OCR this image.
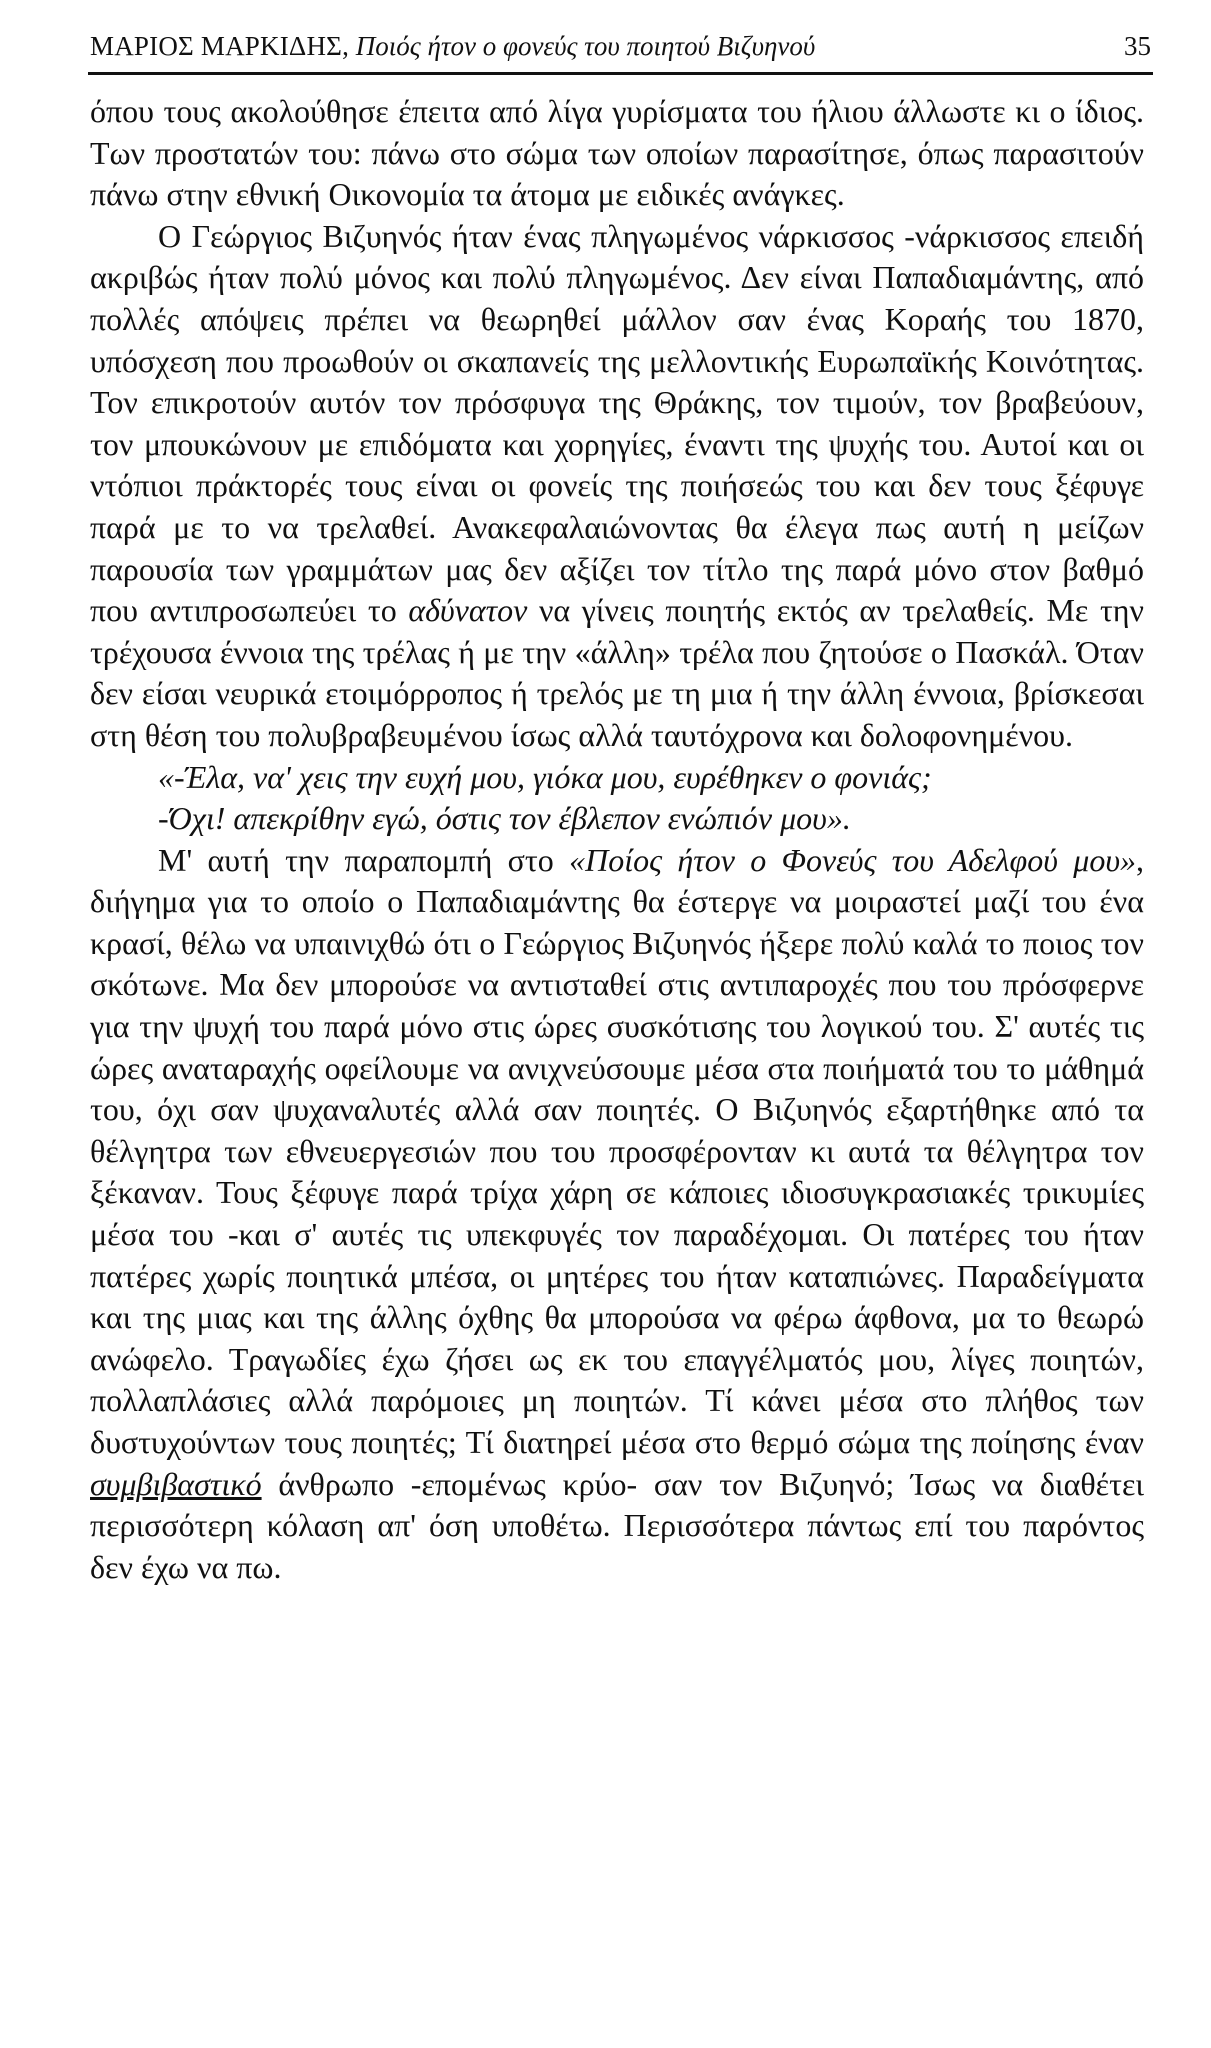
ΜΑΡΙΟΣ ΜΑΡΚΙΔΗΣ, Ποιός ήτον ο φονεύς του ποιητού Βιζυηνού	35

όπου τους ακολούθησε έπειτα από λίγα γυρίσματα του ήλιου άλλωστε κι ο ίδιος. Των προστατών του: πάνω στο σώμα των οποίων παρασίτησε, όπως παρασιτούν πάνω στην εθνική Οικονομία τα άτομα με ειδικές ανάγκες.

Ο Γεώργιος Βιζυηνός ήταν ένας πληγωμένος νάρκισσος -νάρκισσος επειδή ακριβώς ήταν πολύ μόνος και πολύ πληγωμένος. Δεν είναι Παπαδιαμάντης, από πολλές απόψεις πρέπει να θεωρηθεί μάλλον σαν ένας Κοραής του 1870, υπόσχεση που προωθούν οι σκαπανείς της μελλοντικής Ευρωπαϊκής Κοινότητας. Τον επικροτούν αυτόν τον πρόσφυγα της Θράκης, τον τιμούν, τον βραβεύουν, τον μπουκώνουν με επιδόματα και χορηγίες, έναντι της ψυχής του. Αυτοί και οι ντόπιοι πράκτορές τους είναι οι φονείς της ποιήσεώς του και δεν τους ξέφυγε παρά με το να τρελαθεί. Ανακεφαλαιώνοντας θα έλεγα πως αυτή η μείζων παρουσία των γραμμάτων μας δεν αξίζει τον τίτλο της παρά μόνο στον βαθμό που αντιπροσωπεύει το αδύνατον να γίνεις ποιητής εκτός αν τρελαθείς. Με την τρέχουσα έννοια της τρέλας ή με την «άλλη» τρέλα που ζητούσε ο Πασκάλ. Όταν δεν είσαι νευρικά ετοιμόρροπος ή τρελός με τη μια ή την άλλη έννοια, βρίσκεσαι στη θέση του πολυβραβευμένου ίσως αλλά ταυτόχρονα και δολοφονημένου.

«-Έλα, να' χεις την ευχή μου, γιόκα μου, ευρέθηκεν ο φονιάς;

-Όχι! απεκρίθην εγώ, όστις τον έβλεπον ενώπιόν μου».

Μ' αυτή την παραπομπή στο «Ποίος ήτον ο Φονεύς του Αδελφού μου», διήγημα για το οποίο ο Παπαδιαμάντης θα έστεργε να μοιραστεί μαζί του ένα κρασί, θέλω να υπαινιχθώ ότι ο Γεώργιος Βιζυηνός ήξερε πολύ καλά το ποιος τον σκότωνε. Μα δεν μπορούσε να αντισταθεί στις αντιπαροχές που του πρόσφερνε για την ψυχή του παρά μόνο στις ώρες συσκότισης του λογικού του. Σ' αυτές τις ώρες αναταραχής οφείλουμε να ανιχνεύσουμε μέσα στα ποιήματά του το μάθημά του, όχι σαν ψυχαναλυτές αλλά σαν ποιητές. Ο Βιζυηνός εξαρτήθηκε από τα θέλγητρα των εθνευεργεσιών που του προσφέρονταν κι αυτά τα θέλγητρα τον ξέκαναν. Τους ξέφυγε παρά τρίχα χάρη σε κάποιες ιδιοσυγκρασιακές τρικυμίες μέσα του -και σ' αυτές τις υπεκφυγές τον παραδέχομαι. Οι πατέρες του ήταν πατέρες χωρίς ποιητικά μπέσα, οι μητέρες του ήταν καταπιώνες. Παραδείγματα και της μιας και της άλλης όχθης θα μπορούσα να φέρω άφθονα, μα το θεωρώ ανώφελο. Τραγωδίες έχω ζήσει ως εκ του επαγγέλματός μου, λίγες ποιητών, πολλαπλάσιες αλλά παρόμοιες μη ποιητών. Τί κάνει μέσα στο πλήθος των δυστυχούντων τους ποιητές; Τί διατηρεί μέσα στο θερμό σώμα της ποίησης έναν συμβιβαστικό άνθρωπο -επομένως κρύο- σαν τον Βιζυηνό; Ίσως να διαθέτει περισσότερη κόλαση απ' όση υποθέτω. Περισσότερα πάντως επί του παρόντος δεν έχω να πω.
